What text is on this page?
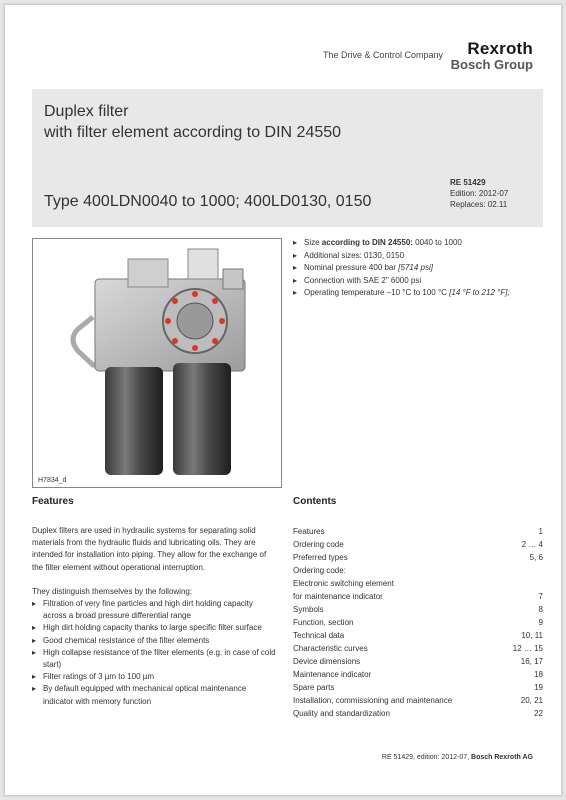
The Drive & Control Company	Rexroth
Bosch Group
Duplex filter
with filter element according to DIN 24550
Type 400LDN0040 to 1000; 400LD0130, 0150
RE 51429
Edition: 2012-07
Replaces: 02.11
H7834_d
▸ Size according to DIN 24550: 0040 to 1000
▸ Additional sizes: 0130, 0150
▸ Nominal pressure 400 bar [5714 psi]
▸ Connection with SAE 2" 6000 psi
▸ Operating temperature –10 °C to 100 °C [14 °F to 212 °F];
Features

Duplex filters are used in hydraulic systems for separating solid materials from the hydraulic fluids and lubricating oils. They are intended for installation into piping. They allow for the exchange of the filter element without operational interruption.

They distinguish themselves by the following:

▸ Filtration of very fine particles and high dirt holding capacity across a broad pressure differential range
▸ High dirt holding capacity thanks to large specific filter surface
▸ Good chemical resistance of the filter elements
▸ High collapse resistance of the filter elements (e.g. in case of cold start)
▸ Filter ratings of 3 µm to 100 µm
▸ By default equipped with mechanical optical maintenance indicator with memory function
Contents
Features	1
Ordering code	2 … 4
Preferred types	5, 6
Ordering code:
Electronic switching element
for maintenance indicator	7
Symbols	8
Function, section	9
Technical data	10, 11
Characteristic curves	12 … 15
Device dimensions	16, 17
Maintenance indicator	18
Spare parts	19
Installation, commissioning and maintenance	20, 21
Quality and standardization	22
RE 51429, edition: 2012-07, Bosch Rexroth AG
